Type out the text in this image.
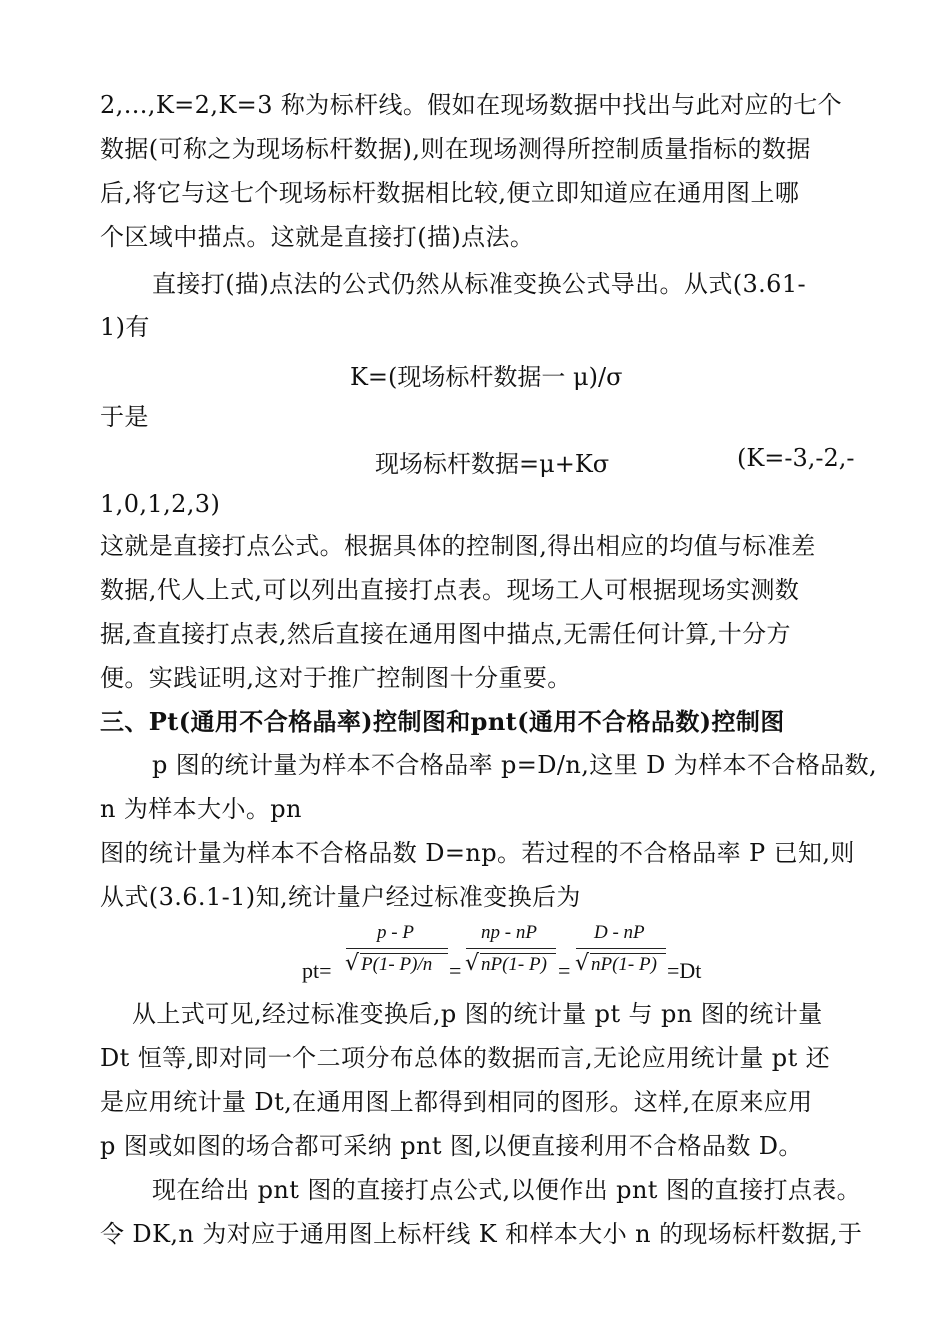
2,...,K=2,K=3 称为标杆线。假如在现场数据中找出与此对应的七个
数据(可称之为现场标杆数据),则在现场测得所控制质量指标的数据
后,将它与这七个现场标杆数据相比较,便立即知道应在通用图上哪
个区域中描点。这就是直接打(描)点法。
直接打(描)点法的公式仍然从标准变换公式导出。从式(3.61-
1)有
K=(现场标杆数据一 μ)/σ
于是
现场标杆数据=μ+Kσ	(K=-3,-2,-
1,0,1,2,3)
这就是直接打点公式。根据具体的控制图,得出相应的均值与标准差
数据,代人上式,可以列出直接打点表。现场工人可根据现场实测数
据,查直接打点表,然后直接在通用图中描点,无需任何计算,十分方
便。实践证明,这对于推广控制图十分重要。
三、Pt(通用不合格晶率)控制图和pnt(通用不合格品数)控制图
p 图的统计量为样本不合格品率 p=D/n,这里 D 为样本不合格品数,
n 为样本大小。pn
图的统计量为样本不合格品数 D=np。若过程的不合格品率 P 已知,则
从式(3.6.1-1)知,统计量户经过标准变换后为
pt=
p - P
√ P(1- P)/n =
np - nP
√ nP(1- P) =
D - nP
√ nP(1- P) =Dt
从上式可见,经过标准变换后,p 图的统计量 pt 与 pn 图的统计量
Dt 恒等,即对同一个二项分布总体的数据而言,无论应用统计量 pt 还
是应用统计量 Dt,在通用图上都得到相同的图形。这样,在原来应用
p 图或如图的场合都可采纳 pnt 图,以便直接利用不合格品数 D。
现在给出 pnt 图的直接打点公式,以便作出 pnt 图的直接打点表。
令 DK,n 为对应于通用图上标杆线 K 和样本大小 n 的现场标杆数据,于
